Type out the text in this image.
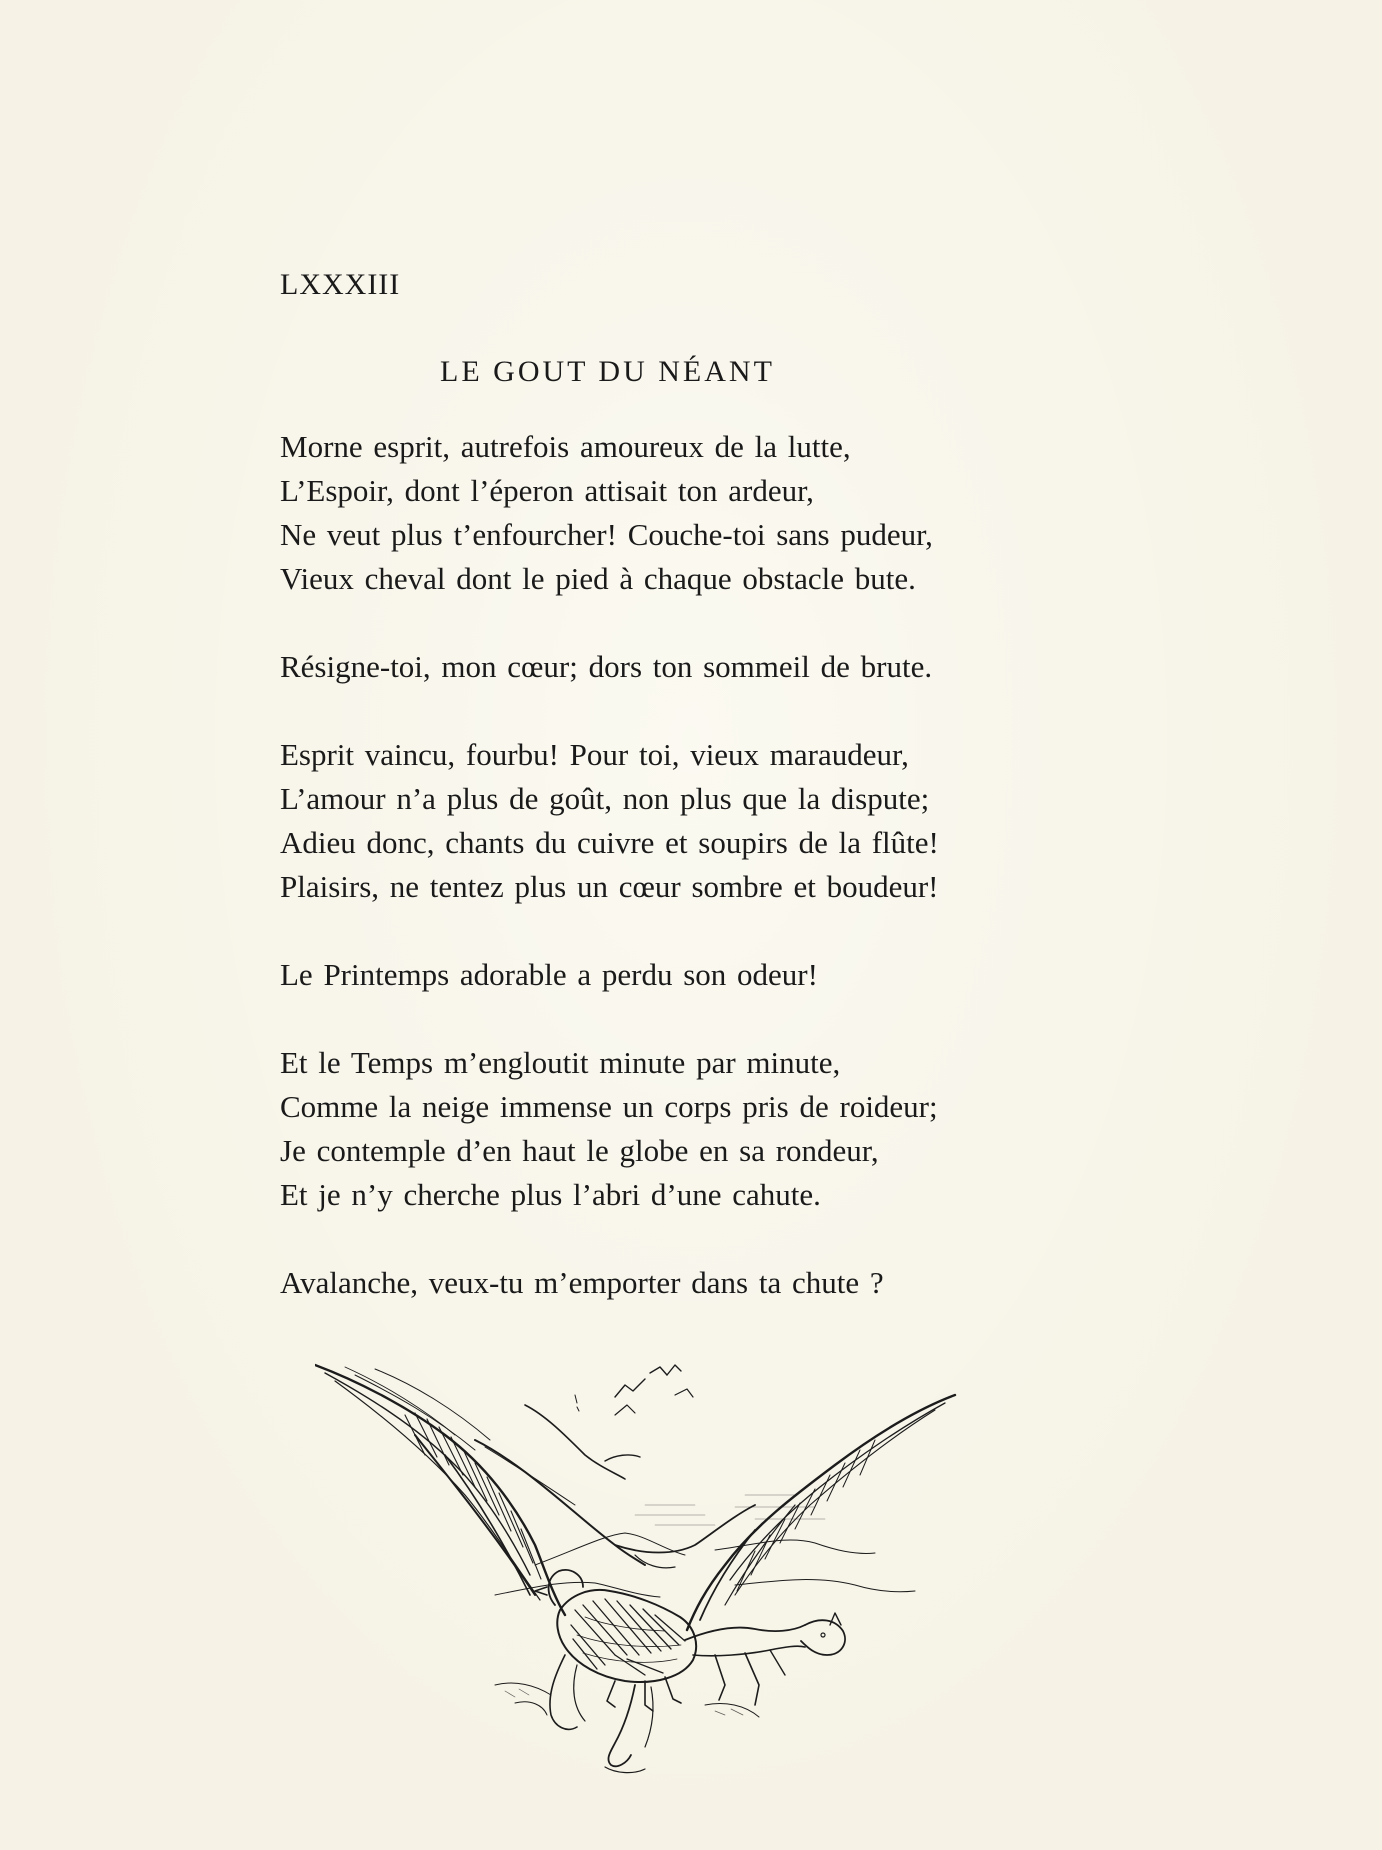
LXXXIII
LE GOUT DU NÉANT
Morne esprit, autrefois amoureux de la lutte,
L’Espoir, dont l’éperon attisait ton ardeur,
Ne veut plus t’enfourcher! Couche-toi sans pudeur,
Vieux cheval dont le pied à chaque obstacle bute.
Résigne-toi, mon cœur; dors ton sommeil de brute.
Esprit vaincu, fourbu! Pour toi, vieux maraudeur,
L’amour n’a plus de goût, non plus que la dispute;
Adieu donc, chants du cuivre et soupirs de la flûte!
Plaisirs, ne tentez plus un cœur sombre et boudeur!
Le Printemps adorable a perdu son odeur!
Et le Temps m’engloutit minute par minute,
Comme la neige immense un corps pris de roideur;
Je contemple d’en haut le globe en sa rondeur,
Et je n’y cherche plus l’abri d’une cahute.
Avalanche, veux-tu m’emporter dans ta chute ?
